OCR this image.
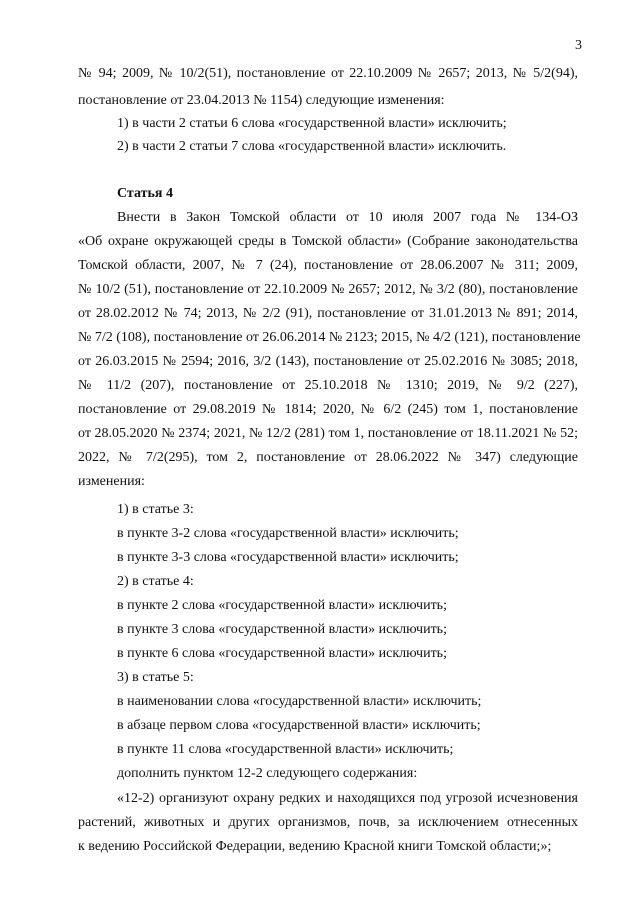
3
№ 94; 2009, № 10/2(51), постановление от 22.10.2009 № 2657; 2013, № 5/2(94),
постановление от 23.04.2013 № 1154) следующие изменения:
1) в части 2 статьи 6 слова «государственной власти» исключить;
2) в части 2 статьи 7 слова «государственной власти» исключить.
Статья 4
Внести в Закон Томской области от 10 июля 2007 года № 134-ОЗ
«Об охране окружающей среды в Томской области» (Собрание законодательства
Томской области, 2007, № 7 (24), постановление от 28.06.2007 № 311; 2009,
№ 10/2 (51), постановление от 22.10.2009 № 2657; 2012, № 3/2 (80), постановление
от 28.02.2012 № 74; 2013, № 2/2 (91), постановление от 31.01.2013 № 891; 2014,
№ 7/2 (108), постановление от 26.06.2014 № 2123; 2015, № 4/2 (121), постановление
от 26.03.2015 № 2594; 2016, 3/2 (143), постановление от 25.02.2016 № 3085; 2018,
№ 11/2 (207), постановление от 25.10.2018 № 1310; 2019, № 9/2 (227),
постановление от 29.08.2019 № 1814; 2020, № 6/2 (245) том 1, постановление
от 28.05.2020 № 2374; 2021, № 12/2 (281) том 1, постановление от 18.11.2021 № 52;
2022, № 7/2(295), том 2, постановление от 28.06.2022 № 347) следующие
изменения:
1) в статье 3:
в пункте 3-2 слова «государственной власти» исключить;
в пункте 3-3 слова «государственной власти» исключить;
2) в статье 4:
в пункте 2 слова «государственной власти» исключить;
в пункте 3 слова «государственной власти» исключить;
в пункте 6 слова «государственной власти» исключить;
3) в статье 5:
в наименовании слова «государственной власти» исключить;
в абзаце первом слова «государственной власти» исключить;
в пункте 11 слова «государственной власти» исключить;
дополнить пунктом 12-2 следующего содержания:
«12-2) организуют охрану редких и находящихся под угрозой исчезновения
растений, животных и других организмов, почв, за исключением отнесенных
к ведению Российской Федерации, ведению Красной книги Томской области;»;
